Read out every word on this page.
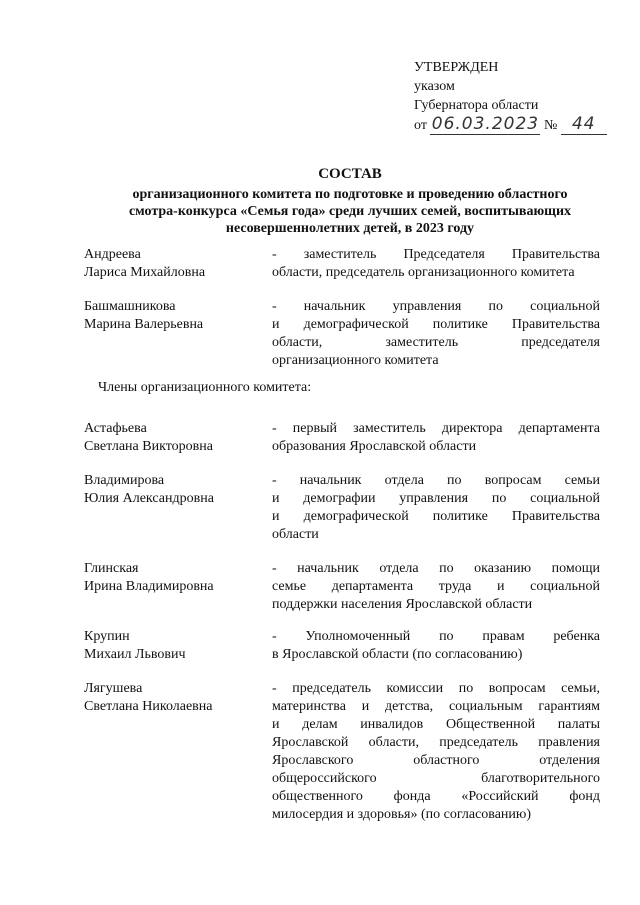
УТВЕРЖДЕН
указом
Губернатора области
от 06.03.2023 № 44
СОСТАВ
организационного комитета по подготовке и проведению областного
смотра-конкурса «Семья года» среди лучших семей, воспитывающих
несовершеннолетних детей, в 2023 году
Андреева
Лариса Михайловна
- заместитель Председателя Правительства
области, председатель организационного комитета
Башмашникова
Марина Валерьевна
- начальник управления по социальной
и демографической политике Правительства
области, заместитель председателя
организационного комитета
Члены организационного комитета:
Астафьева
Светлана Викторовна
- первый заместитель директора департамента
образования Ярославской области
Владимирова
Юлия Александровна
- начальник отдела по вопросам семьи
и демографии управления по социальной
и демографической политике Правительства
области
Глинская
Ирина Владимировна
- начальник отдела по оказанию помощи
семье департамента труда и социальной
поддержки населения Ярославской области
Крупин
Михаил Львович
- Уполномоченный по правам ребенка
в Ярославской области (по согласованию)
Лягушева
Светлана Николаевна
- председатель комиссии по вопросам семьи,
материнства и детства, социальным гарантиям
и делам инвалидов Общественной палаты
Ярославской области, председатель правления
Ярославского областного отделения
общероссийского благотворительного
общественного фонда «Российский фонд
милосердия и здоровья» (по согласованию)
